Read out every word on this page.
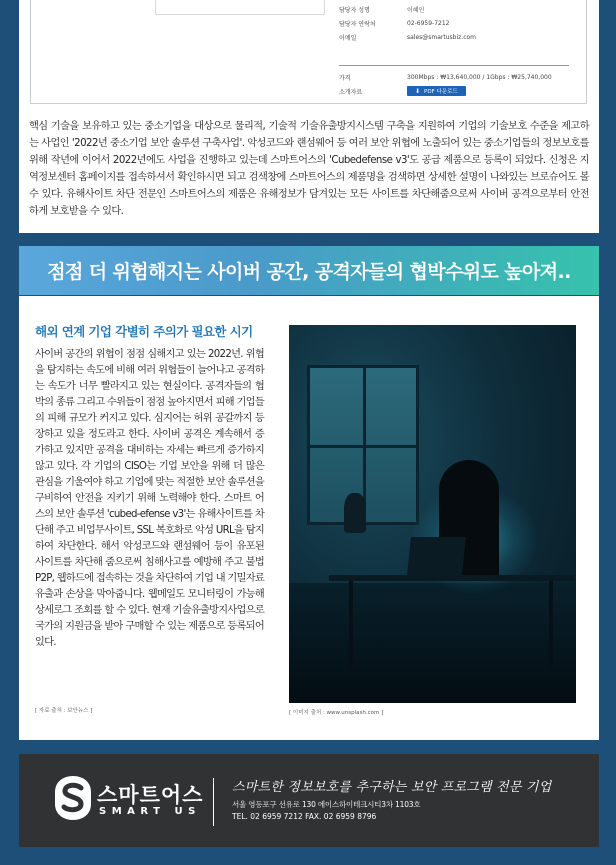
담당자 성명	이혜인
담당자 연락처	02-6959-7212
이메일	sales@smartusbiz.com
가격	300Mbps : ₩13,640,000 / 1Gbps : ₩25,740,000
소개자료	⬇ PDF 다운로드

핵심 기술을 보유하고 있는 중소기업을 대상으로 물리적, 기술적 기술유출방지시스템 구축을 지원하여 기업의 기술보호 수준을 제고하는 사업인 '2022년 중소기업 보안 솔루션 구축사업'. 악성코드와 랜섬웨어 등 여러 보안 위협에 노출되어 있는 중소기업들의 정보보호를 위해 작년에 이어서 2022년에도 사업을 진행하고 있는데 스마트어스의 'Cubedefense v3'도 공급 제품으로 등록이 되었다. 신청은 지역정보센터 홈페이지를 접속하셔서 확인하시면 되고 검색창에 스마트어스의 제품명을 검색하면 상세한 설명이 나와있는 브로슈어도 볼 수 있다. 유해사이트 차단 전문인 스마트어스의 제품은 유해정보가 담겨있는 모든 사이트를 차단해줌으로써 사이버 공격으로부터 안전하게 보호받을 수 있다.

점점 더 위험해지는 사이버 공간, 공격자들의 협박수위도 높아져..
해외 연계 기업 각별히 주의가 필요한 시기

사이버 공간의 위협이 점점 심해지고 있는 2022년. 위협을 탐지하는 속도에 비해 여러 위협들이 늘어나고 공격하는 속도가 너무 빨라지고 있는 현실이다. 공격자들의 협박의 종류 그리고 수위들이 점점 높아지면서 피해 기업들의 피해 규모가 커지고 있다. 심지어는 허위 공갈까지 등장하고 있을 정도라고 한다. 사이버 공격은 계속해서 증가하고 있지만 공격을 대비하는 자세는 빠르게 증가하지 않고 있다. 각 기업의 CISO는 기업 보안을 위해 더 많은 관심을 기울여야 하고 기업에 맞는 적절한 보안 솔루션을 구비하여 안전을 지키기 위해 노력해야 한다. 스마트 어스의 보안 솔루션 'cubed-efense v3'는 유해사이트를 차단해 주고 비업무사이트, SSL 복호화로 악성 URL을 탐지하여 차단한다. 해서 악성코드와 랜섬웨어 등이 유포된 사이트를 차단해 줌으로써 침해사고를 예방해 주고 불법 P2P, 웹하드에 접속하는 것을 차단하여 기업 내 기밀자료 유출과 손상을 막아줍니다. 웹메일도 모니터링이 가능해 상세로그 조회를 할 수 있다. 현재 기술유출방지사업으로 국가의 지원금을 받아 구매할 수 있는 제품으로 등록되어있다.

[ 자료 출처 : 보안뉴스 ]	[ 이미지 출처 : www.unsplash.com ]
스마트어스
SMART US
스마트한 정보보호를 추구하는 보안 프로그램 전문 기업
서울 영등포구 선유로 130 에이스하이테크시티3차 1103호
TEL. 02 6959 7212 FAX. 02 6959 8796
